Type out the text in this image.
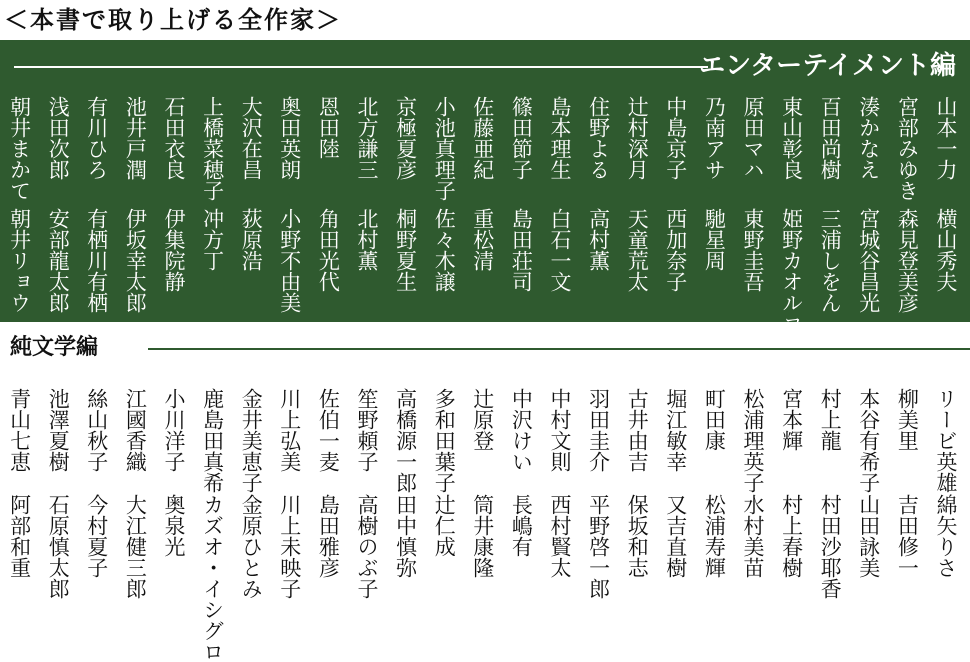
＜本書で取り上げる全作家＞
エンターテイメント編
山本一力
横山秀夫
宮部みゆき
森見登美彦
湊かなえ
宮城谷昌光
百田尚樹
三浦しをん
東山彰良
姫野カオルコ
原田マハ
東野圭吾
乃南アサ
馳星周
中島京子
西加奈子
辻村深月
天童荒太
住野よる
高村薫
島本理生
白石一文
篠田節子
島田荘司
佐藤亜紀
重松清
小池真理子
佐々木譲
京極夏彦
桐野夏生
北方謙三
北村薫
恩田陸
角田光代
奥田英朗
小野不由美
大沢在昌
荻原浩
上橋菜穂子
冲方丁
石田衣良
伊集院静
池井戸潤
伊坂幸太郎
有川ひろ
有栖川有栖
浅田次郎
安部龍太郎
朝井まかて
朝井リョウ
純文学編
リービ英雄
綿矢りさ
柳美里
吉田修一
本谷有希子
山田詠美
村上龍
村田沙耶香
宮本輝
村上春樹
松浦理英子
水村美苗
町田康
松浦寿輝
堀江敏幸
又吉直樹
古井由吉
保坂和志
羽田圭介
平野啓一郎
中村文則
西村賢太
中沢けい
長嶋有
辻原登
筒井康隆
多和田葉子
辻仁成
高橋源一郎
田中慎弥
笙野頼子
高樹のぶ子
佐伯一麦
島田雅彦
川上弘美
川上未映子
金井美恵子
金原ひとみ
鹿島田真希
カズオ・イシグロ
小川洋子
奥泉光
江國香織
大江健三郎
絲山秋子
今村夏子
池澤夏樹
石原慎太郎
青山七恵
阿部和重
